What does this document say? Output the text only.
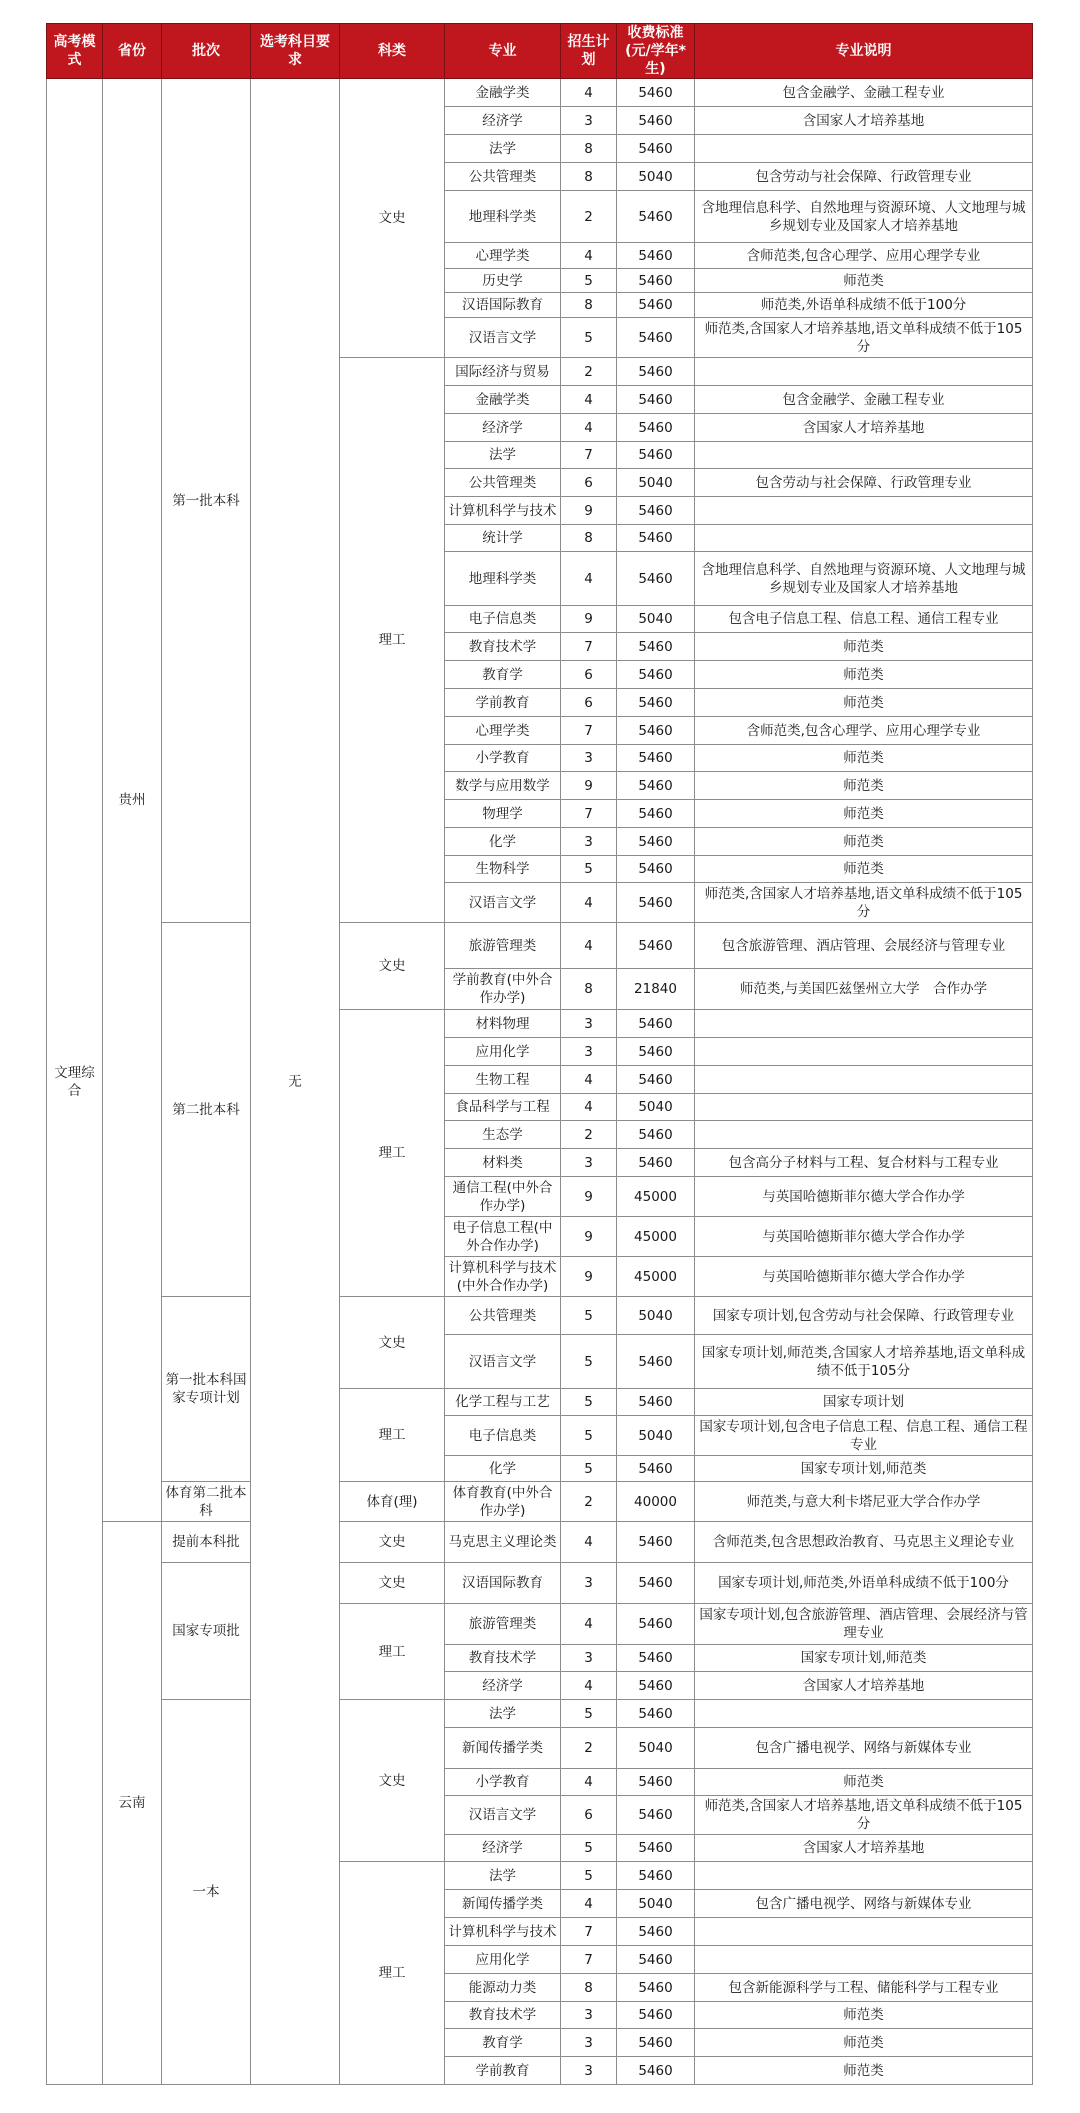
高考模式	省份	批次	选考科目要求	科类	专业	招生计划	收费标准(元/学年*生)	专业说明
文理综合	贵州	第一批本科	无	文史	金融学类	4	5460	包含金融学、金融工程专业
					经济学	3	5460	含国家人才培养基地
					法学	8	5460	
					公共管理类	8	5040	包含劳动与社会保障、行政管理专业
					地理科学类	2	5460	含地理信息科学、自然地理与资源环境、人文地理与城乡规划专业及国家人才培养基地
					心理学类	4	5460	含师范类,包含心理学、应用心理学专业
					历史学	5	5460	师范类
					汉语国际教育	8	5460	师范类,外语单科成绩不低于100分
					汉语言文学	5	5460	师范类,含国家人才培养基地,语文单科成绩不低于105分
				理工	国际经济与贸易	2	5460	
					金融学类	4	5460	包含金融学、金融工程专业
					经济学	4	5460	含国家人才培养基地
					法学	7	5460	
					公共管理类	6	5040	包含劳动与社会保障、行政管理专业
					计算机科学与技术	9	5460	
					统计学	8	5460	
					地理科学类	4	5460	含地理信息科学、自然地理与资源环境、人文地理与城乡规划专业及国家人才培养基地
					电子信息类	9	5040	包含电子信息工程、信息工程、通信工程专业
					教育技术学	7	5460	师范类
					教育学	6	5460	师范类
					学前教育	6	5460	师范类
					心理学类	7	5460	含师范类,包含心理学、应用心理学专业
					小学教育	3	5460	师范类
					数学与应用数学	9	5460	师范类
					物理学	7	5460	师范类
					化学	3	5460	师范类
					生物科学	5	5460	师范类
					汉语言文学	4	5460	师范类,含国家人才培养基地,语文单科成绩不低于105分
		第二批本科		文史	旅游管理类	4	5460	包含旅游管理、酒店管理、会展经济与管理专业
					学前教育(中外合作办学)	8	21840	师范类,与美国匹兹堡州立大学　合作办学
				理工	材料物理	3	5460	
					应用化学	3	5460	
					生物工程	4	5460	
					食品科学与工程	4	5040	
					生态学	2	5460	
					材料类	3	5460	包含高分子材料与工程、复合材料与工程专业
					通信工程(中外合作办学)	9	45000	与英国哈德斯菲尔德大学合作办学
					电子信息工程(中外合作办学)	9	45000	与英国哈德斯菲尔德大学合作办学
					计算机科学与技术(中外合作办学)	9	45000	与英国哈德斯菲尔德大学合作办学
		第一批本科国家专项计划		文史	公共管理类	5	5040	国家专项计划,包含劳动与社会保障、行政管理专业
					汉语言文学	5	5460	国家专项计划,师范类,含国家人才培养基地,语文单科成绩不低于105分
				理工	化学工程与工艺	5	5460	国家专项计划
					电子信息类	5	5040	国家专项计划,包含电子信息工程、信息工程、通信工程专业
					化学	5	5460	国家专项计划,师范类
		体育第二批本科		体育(理)	体育教育(中外合作办学)	2	40000	师范类,与意大利卡塔尼亚大学合作办学
	云南	提前本科批		文史	马克思主义理论类	4	5460	含师范类,包含思想政治教育、马克思主义理论专业
		国家专项批		文史	汉语国际教育	3	5460	国家专项计划,师范类,外语单科成绩不低于100分
				理工	旅游管理类	4	5460	国家专项计划,包含旅游管理、酒店管理、会展经济与管理专业
					教育技术学	3	5460	国家专项计划,师范类
					经济学	4	5460	含国家人才培养基地
		一本		文史	法学	5	5460	
					新闻传播学类	2	5040	包含广播电视学、网络与新媒体专业
					小学教育	4	5460	师范类
					汉语言文学	6	5460	师范类,含国家人才培养基地,语文单科成绩不低于105分
					经济学	5	5460	含国家人才培养基地
				理工	法学	5	5460	
					新闻传播学类	4	5040	包含广播电视学、网络与新媒体专业
					计算机科学与技术	7	5460	
					应用化学	7	5460	
					能源动力类	8	5460	包含新能源科学与工程、储能科学与工程专业
					教育技术学	3	5460	师范类
					教育学	3	5460	师范类
					学前教育	3	5460	师范类
